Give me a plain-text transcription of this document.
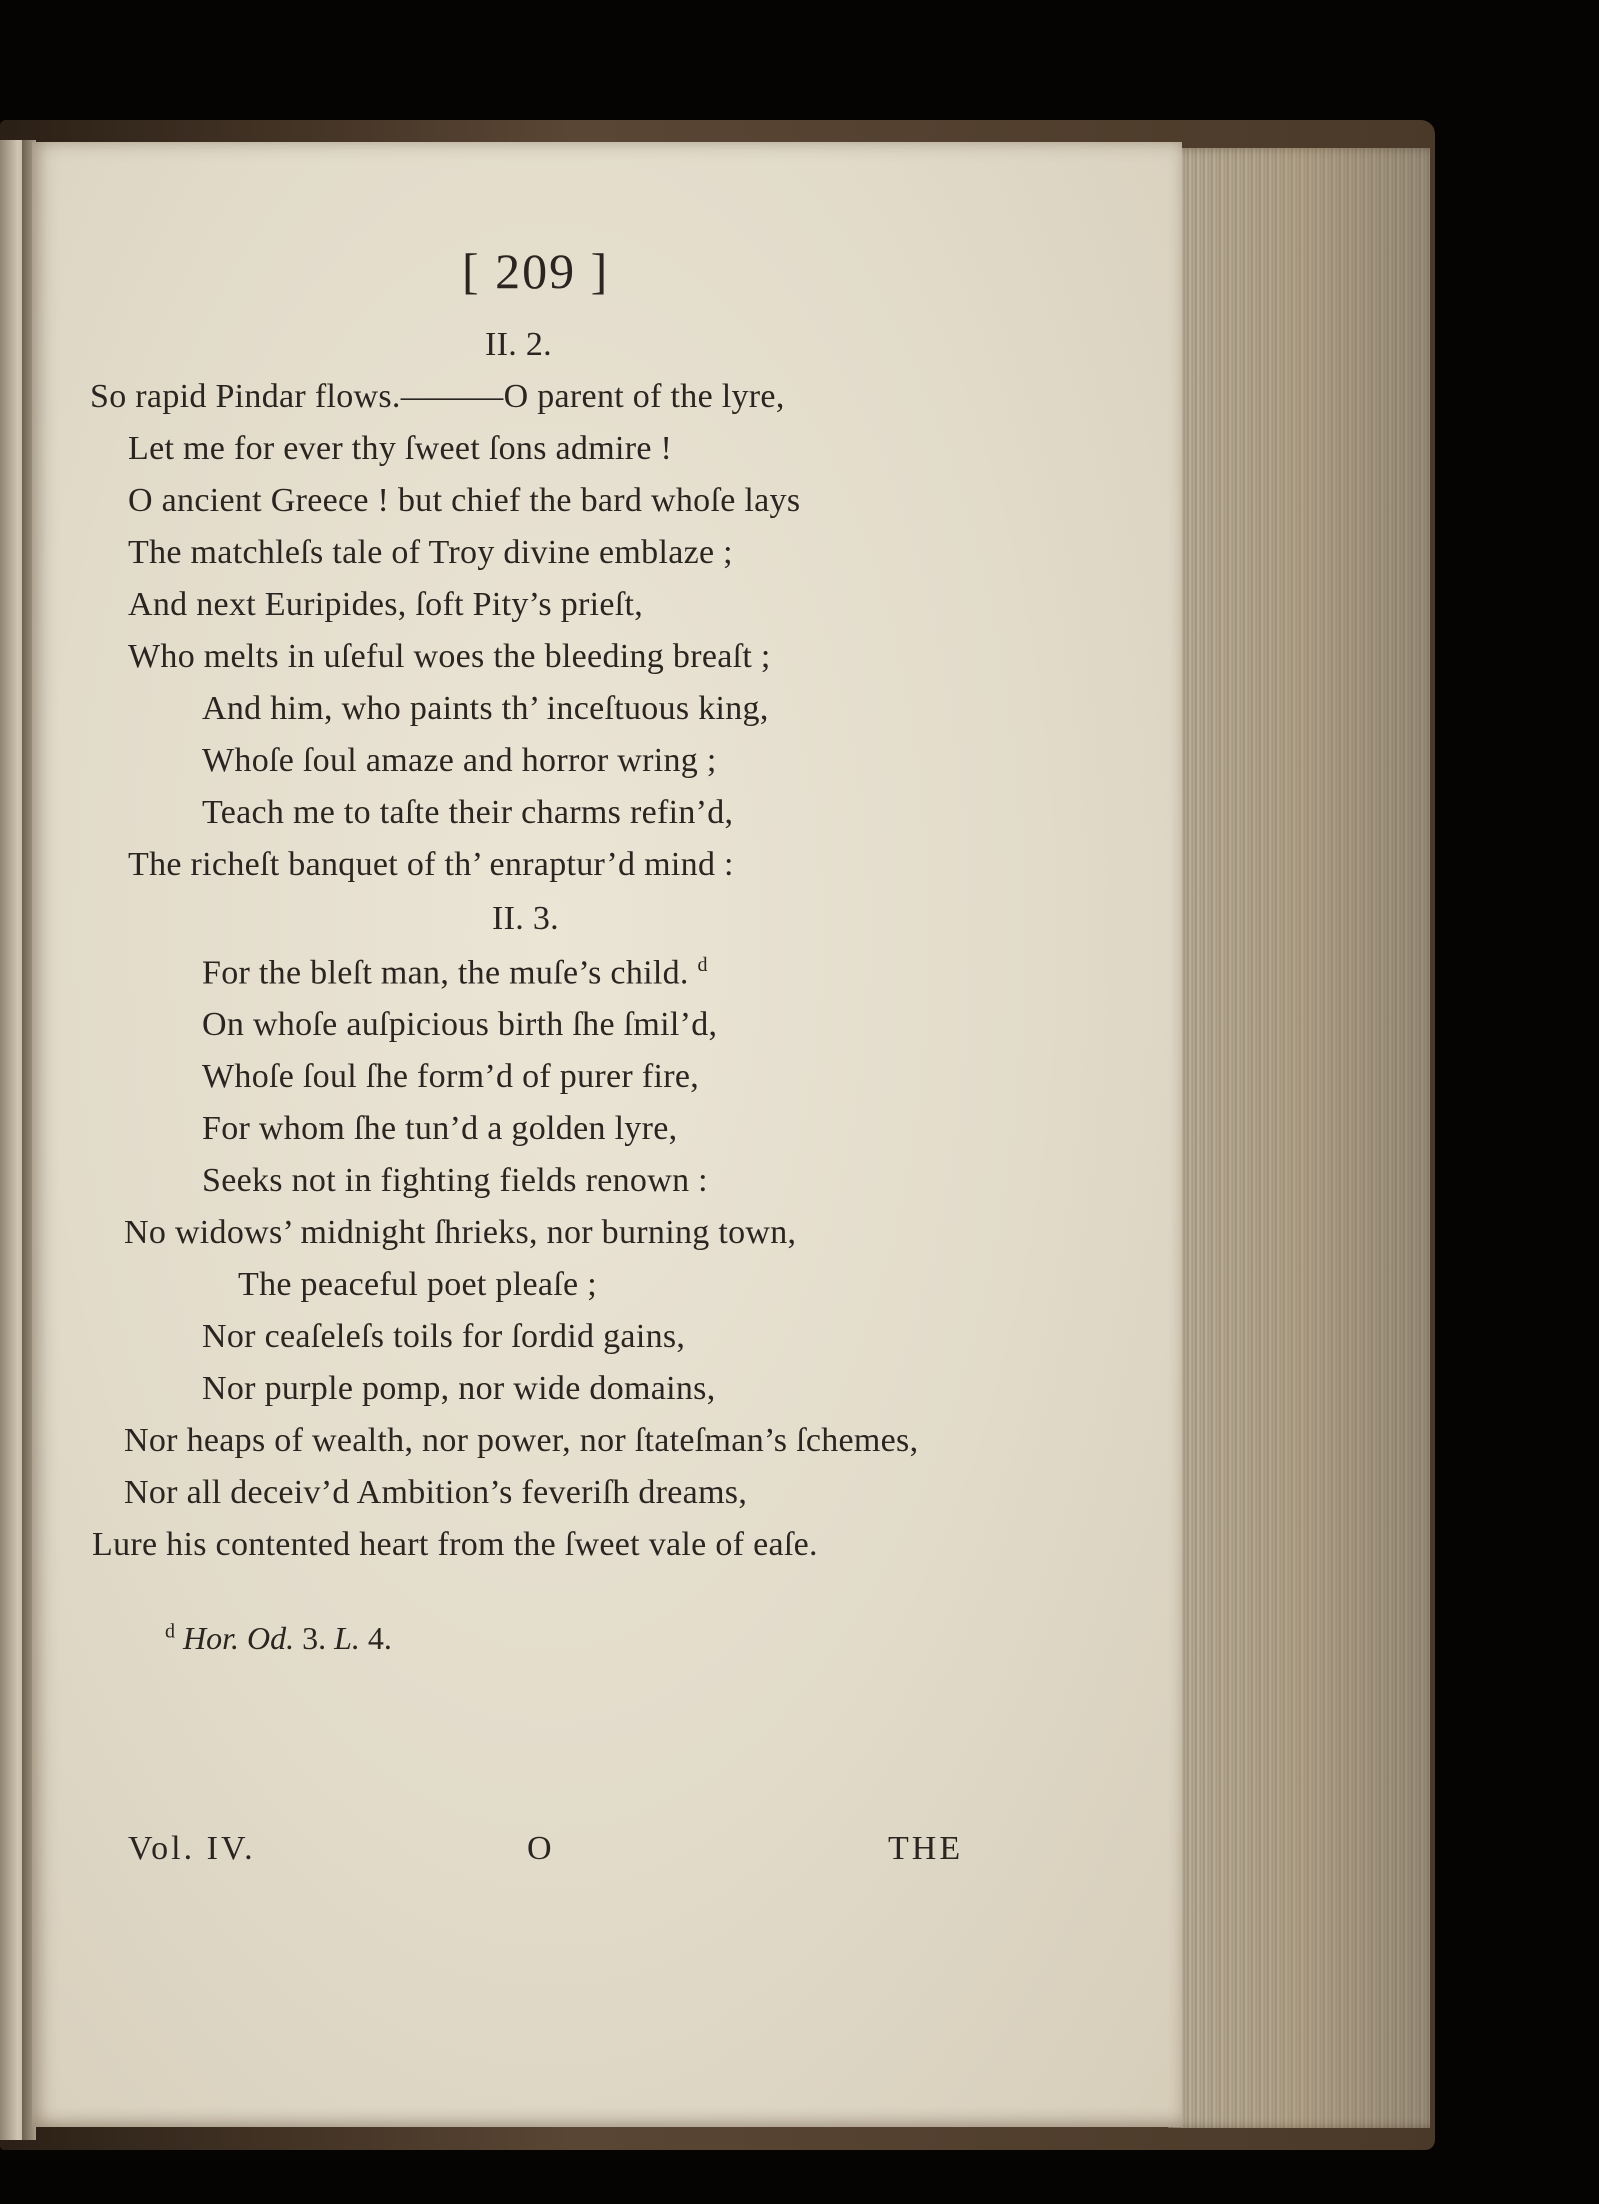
[ 209 ]
II. 2.
So rapid Pindar flows.———O parent of the lyre,
Let me for ever thy ſweet ſons admire !
O ancient Greece ! but chief the bard whoſe lays
The matchleſs tale of Troy divine emblaze ;
And next Euripides, ſoft Pity’s prieſt,
Who melts in uſeful woes the bleeding breaſt ;
And him, who paints th’ inceſtuous king,
Whoſe ſoul amaze and horror wring ;
Teach me to taſte their charms refin’d,
The richeſt banquet of th’ enraptur’d mind :
II. 3.
For the bleſt man, the muſe’s child. $^d$
On whoſe auſpicious birth ſhe ſmil’d,
Whoſe ſoul ſhe form’d of purer fire,
For whom ſhe tun’d a golden lyre,
Seeks not in fighting fields renown :
No widows’ midnight ſhrieks, nor burning town,
The peaceful poet pleaſe ;
Nor ceaſeleſs toils for ſordid gains,
Nor purple pomp, nor wide domains,
Nor heaps of wealth, nor power, nor ſtateſman’s ſchemes,
Nor all deceiv’d Ambition’s feveriſh dreams,
Lure his contented heart from the ſweet vale of eaſe.
$^d$ Hor. Od. 3. L. 4.
Vol. IV.	O	THE
